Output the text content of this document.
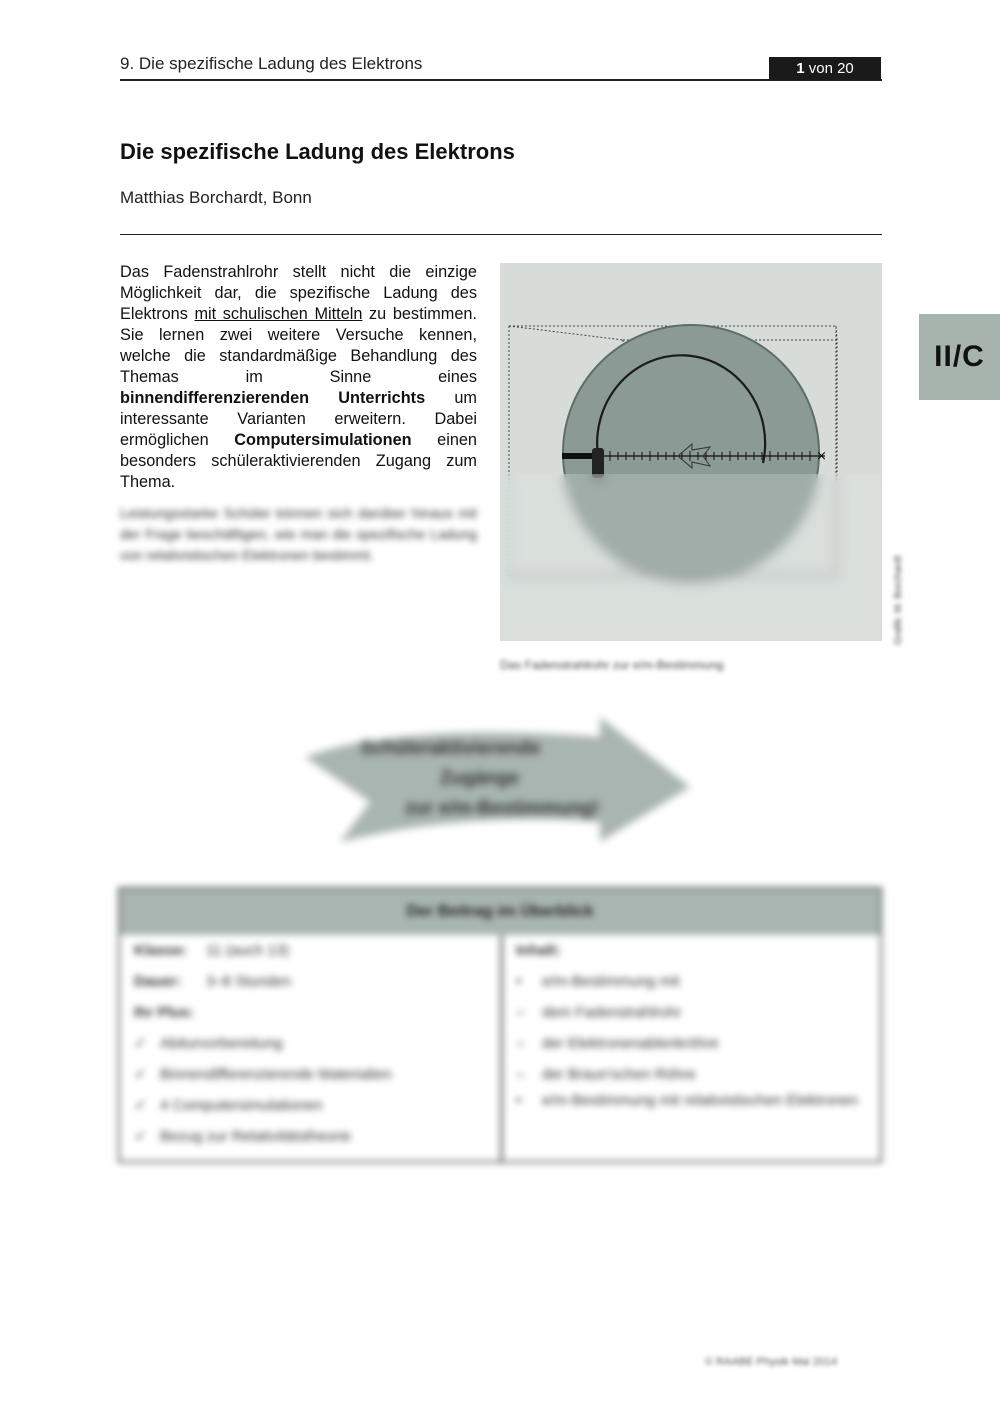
9. Die spezifische Ladung des Elektrons	1 von 20
Die spezifische Ladung des Elektrons
Matthias Borchardt, Bonn
II/C

Das Fadenstrahlrohr stellt nicht die einzige Möglichkeit dar, die spezifische Ladung des Elektrons mit schulischen Mitteln zu bestimmen. Sie lernen zwei weitere Versuche kennen, welche die standardmäßige Behandlung des Themas im Sinne eines binnendifferenzierenden Unterrichts um interessante Varianten erweitern. Dabei ermöglichen Computersimulationen einen besonders schüleraktivierenden Zugang zum Thema.

Leistungsstarke Schüler können sich darüber hinaus mit der Frage beschäftigen, wie man die spezifische Ladung von relativistischen Elektronen bestimmt.
×
Das Fadenstrahlrohr zur e/m-Bestimmung
Grafik: M. Borchardt
Schüleraktivierende
Zugänge
zur e/m-Bestimmung!
Der Beitrag im Überblick
Klasse: 11 (auch 13)
Dauer: 3–8 Stunden
Ihr Plus:
✓ Abiturvorbereitung
✓ Binnendifferenzierende Materialien
✓ 4 Computersimulationen
✓ Bezug zur Relativitätstheorie
Inhalt:
• e/m-Bestimmung mit
– dem Fadenstrahlrohr
– der Elektronenablenkröhre
– der Braun'schen Röhre
• e/m-Bestimmung mit relativistischen Elektronen
© RAABE Physik Mai 2014
